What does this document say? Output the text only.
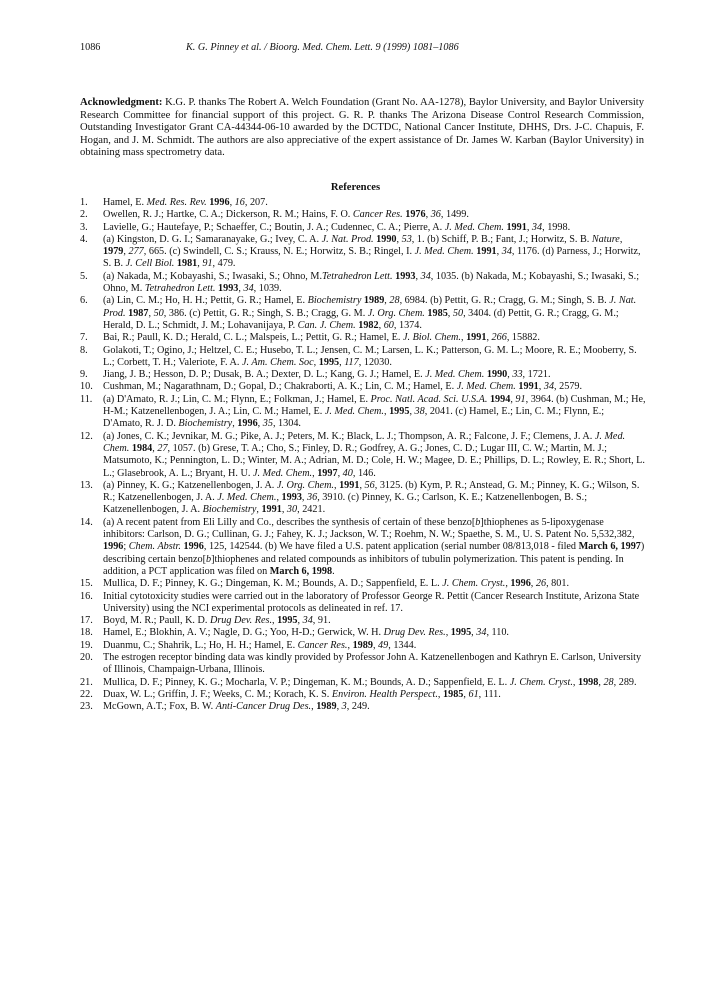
1086	K. G. Pinney et al. / Bioorg. Med. Chem. Lett. 9 (1999) 1081–1086
Acknowledgment: K.G. P. thanks The Robert A. Welch Foundation (Grant No. AA-1278), Baylor University, and Baylor University Research Committee for financial support of this project. G. R. P. thanks The Arizona Disease Control Research Commission, Outstanding Investigator Grant CA-44344-06-10 awarded by the DCTDC, National Cancer Institute, DHHS, Drs. J-C. Chapuis, F. Hogan, and J. M. Schmidt. The authors are also appreciative of the expert assistance of Dr. James W. Karban (Baylor University) in obtaining mass spectrometry data.
References
1.	Hamel, E. Med. Res. Rev. 1996, 16, 207.
2.	Owellen, R. J.; Hartke, C. A.; Dickerson, R. M.; Hains, F. O. Cancer Res. 1976, 36, 1499.
3.	Lavielle, G.; Hautefaye, P.; Schaeffer, C.; Boutin, J. A.; Cudennec, C. A.; Pierre, A. J. Med. Chem. 1991, 34, 1998.
4.	(a) Kingston, D. G. I.; Samaranayake, G.; Ivey, C. A. J. Nat. Prod. 1990, 53, 1. (b) Schiff, P. B.; Fant, J.; Horwitz, S. B. Nature, 1979, 277, 665. (c) Swindell, C. S.; Krauss, N. E.; Horwitz, S. B.; Ringel, I. J. Med. Chem. 1991, 34, 1176. (d) Parness, J.; Horwitz, S. B. J. Cell Biol. 1981, 91, 479.
5.	(a) Nakada, M.; Kobayashi, S.; Iwasaki, S.; Ohno, M.Tetrahedron Lett. 1993, 34, 1035. (b) Nakada, M.; Kobayashi, S.; Iwasaki, S.; Ohno, M. Tetrahedron Lett. 1993, 34, 1039.
6.	(a) Lin, C. M.; Ho, H. H.; Pettit, G. R.; Hamel, E. Biochemistry 1989, 28, 6984. (b) Pettit, G. R.; Cragg, G. M.; Singh, S. B. J. Nat. Prod. 1987, 50, 386. (c) Pettit, G. R.; Singh, S. B.; Cragg, G. M. J. Org. Chem. 1985, 50, 3404. (d) Pettit, G. R.; Cragg, G. M.; Herald, D. L.; Schmidt, J. M.; Lohavanijaya, P. Can. J. Chem. 1982, 60, 1374.
7.	Bai, R.; Paull, K. D.; Herald, C. L.; Malspeis, L.; Pettit, G. R.; Hamel, E. J. Biol. Chem., 1991, 266, 15882.
8.	Golakoti, T.; Ogino, J.; Heltzel, C. E.; Husebo, T. L.; Jensen, C. M.; Larsen, L. K.; Patterson, G. M. L.; Moore, R. E.; Mooberry, S. L.; Corbett, T. H.; Valeriote, F. A. J. Am. Chem. Soc, 1995, 117, 12030.
9.	Jiang, J. B.; Hesson, D. P.; Dusak, B. A.; Dexter, D. L.; Kang, G. J.; Hamel, E. J. Med. Chem. 1990, 33, 1721.
10.	Cushman, M.; Nagarathnam, D.; Gopal, D.; Chakraborti, A. K.; Lin, C. M.; Hamel, E. J. Med. Chem. 1991, 34, 2579.
11.	(a) D'Amato, R. J.; Lin, C. M.; Flynn, E.; Folkman, J.; Hamel, E. Proc. Natl. Acad. Sci. U.S.A. 1994, 91, 3964. (b) Cushman, M.; He, H-M.; Katzenellenbogen, J. A.; Lin, C. M.; Hamel, E. J. Med. Chem., 1995, 38, 2041. (c) Hamel, E.; Lin, C. M.; Flynn, E.; D'Amato, R. J. D. Biochemistry, 1996, 35, 1304.
12.	(a) Jones, C. K.; Jevnikar, M. G.; Pike, A. J.; Peters, M. K.; Black, L. J.; Thompson, A. R.; Falcone, J. F.; Clemens, J. A. J. Med. Chem. 1984, 27, 1057. (b) Grese, T. A.; Cho, S.; Finley, D. R.; Godfrey, A. G.; Jones, C. D.; Lugar III, C. W.; Martin, M. J.; Matsumoto, K.; Pennington, L. D.; Winter, M. A.; Adrian, M. D.; Cole, H. W.; Magee, D. E.; Phillips, D. L.; Rowley, E. R.; Short, L. L.; Glasebrook, A. L.; Bryant, H. U. J. Med. Chem., 1997, 40, 146.
13.	(a) Pinney, K. G.; Katzenellenbogen, J. A. J. Org. Chem., 1991, 56, 3125. (b) Kym, P. R.; Anstead, G. M.; Pinney, K. G.; Wilson, S. R.; Katzenellenbogen, J. A. J. Med. Chem., 1993, 36, 3910. (c) Pinney, K. G.; Carlson, K. E.; Katzenellenbogen, B. S.; Katzenellenbogen, J. A. Biochemistry, 1991, 30, 2421.
14.	(a) A recent patent from Eli Lilly and Co., describes the synthesis of certain of these benzo[b]thiophenes as 5-lipoxygenase inhibitors: Carlson, D. G.; Cullinan, G. J.; Fahey, K. J.; Jackson, W. T.; Roehm, N. W.; Spaethe, S. M., U. S. Patent No. 5,532,382, 1996; Chem. Abstr. 1996, 125, 142544. (b) We have filed a U.S. patent application (serial number 08/813,018 - filed March 6, 1997) describing certain benzo[b]thiophenes and related compounds as inhibitors of tubulin polymerization. This patent is pending. In addition, a PCT application was filed on March 6, 1998.
15.	Mullica, D. F.; Pinney, K. G.; Dingeman, K. M.; Bounds, A. D.; Sappenfield, E. L. J. Chem. Cryst., 1996, 26, 801.
16.	Initial cytotoxicity studies were carried out in the laboratory of Professor George R. Pettit (Cancer Research Institute, Arizona State University) using the NCI experimental protocols as delineated in ref. 17.
17.	Boyd, M. R.; Paull, K. D. Drug Dev. Res., 1995, 34, 91.
18.	Hamel, E.; Blokhin, A. V.; Nagle, D. G.; Yoo, H-D.; Gerwick, W. H. Drug Dev. Res., 1995, 34, 110.
19.	Duanmu, C.; Shahrik, L.; Ho, H. H.; Hamel, E. Cancer Res., 1989, 49, 1344.
20.	The estrogen receptor binding data was kindly provided by Professor John A. Katzenellenbogen and Kathryn E. Carlson, University of Illinois, Champaign-Urbana, Illinois.
21.	Mullica, D. F.; Pinney, K. G.; Mocharla, V. P.; Dingeman, K. M.; Bounds, A. D.; Sappenfield, E. L. J. Chem. Cryst., 1998, 28, 289.
22.	Duax, W. L.; Griffin, J. F.; Weeks, C. M.; Korach, K. S. Environ. Health Perspect., 1985, 61, 111.
23.	McGown, A.T.; Fox, B. W. Anti-Cancer Drug Des., 1989, 3, 249.
